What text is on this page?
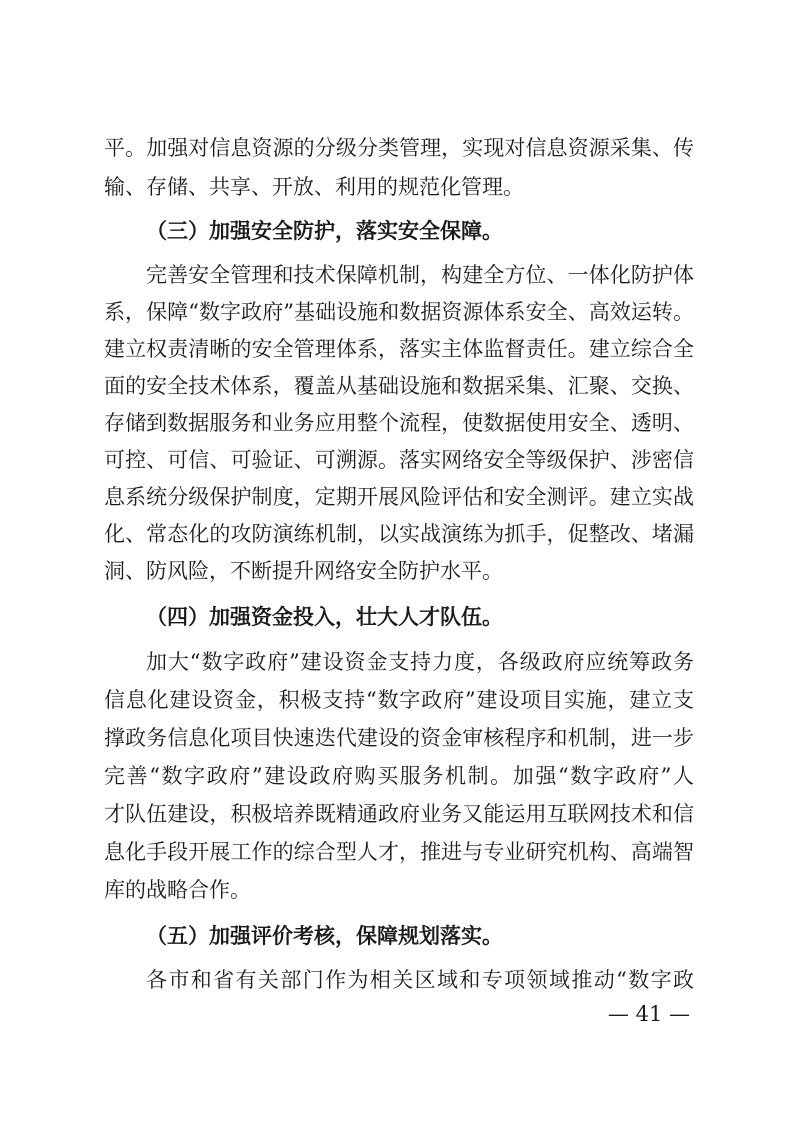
平。加强对信息资源的分级分类管理，实现对信息资源采集、传
输、存储、共享、开放、利用的规范化管理。
（三）加强安全防护，落实安全保障。
完善安全管理和技术保障机制，构建全方位、一体化防护体
系，保障“数字政府”基础设施和数据资源体系安全、高效运转。
建立权责清晰的安全管理体系，落实主体监督责任。建立综合全
面的安全技术体系，覆盖从基础设施和数据采集、汇聚、交换、
存储到数据服务和业务应用整个流程，使数据使用安全、透明、
可控、可信、可验证、可溯源。落实网络安全等级保护、涉密信
息系统分级保护制度，定期开展风险评估和安全测评。建立实战
化、常态化的攻防演练机制，以实战演练为抓手，促整改、堵漏
洞、防风险，不断提升网络安全防护水平。
（四）加强资金投入，壮大人才队伍。
加大“数字政府”建设资金支持力度，各级政府应统筹政务
信息化建设资金，积极支持“数字政府”建设项目实施，建立支
撑政务信息化项目快速迭代建设的资金审核程序和机制，进一步
完善“数字政府”建设政府购买服务机制。加强“数字政府”人
才队伍建设，积极培养既精通政府业务又能运用互联网技术和信
息化手段开展工作的综合型人才，推进与专业研究机构、高端智
库的战略合作。
（五）加强评价考核，保障规划落实。
各市和省有关部门作为相关区域和专项领域推动“数字政
— 41 —
